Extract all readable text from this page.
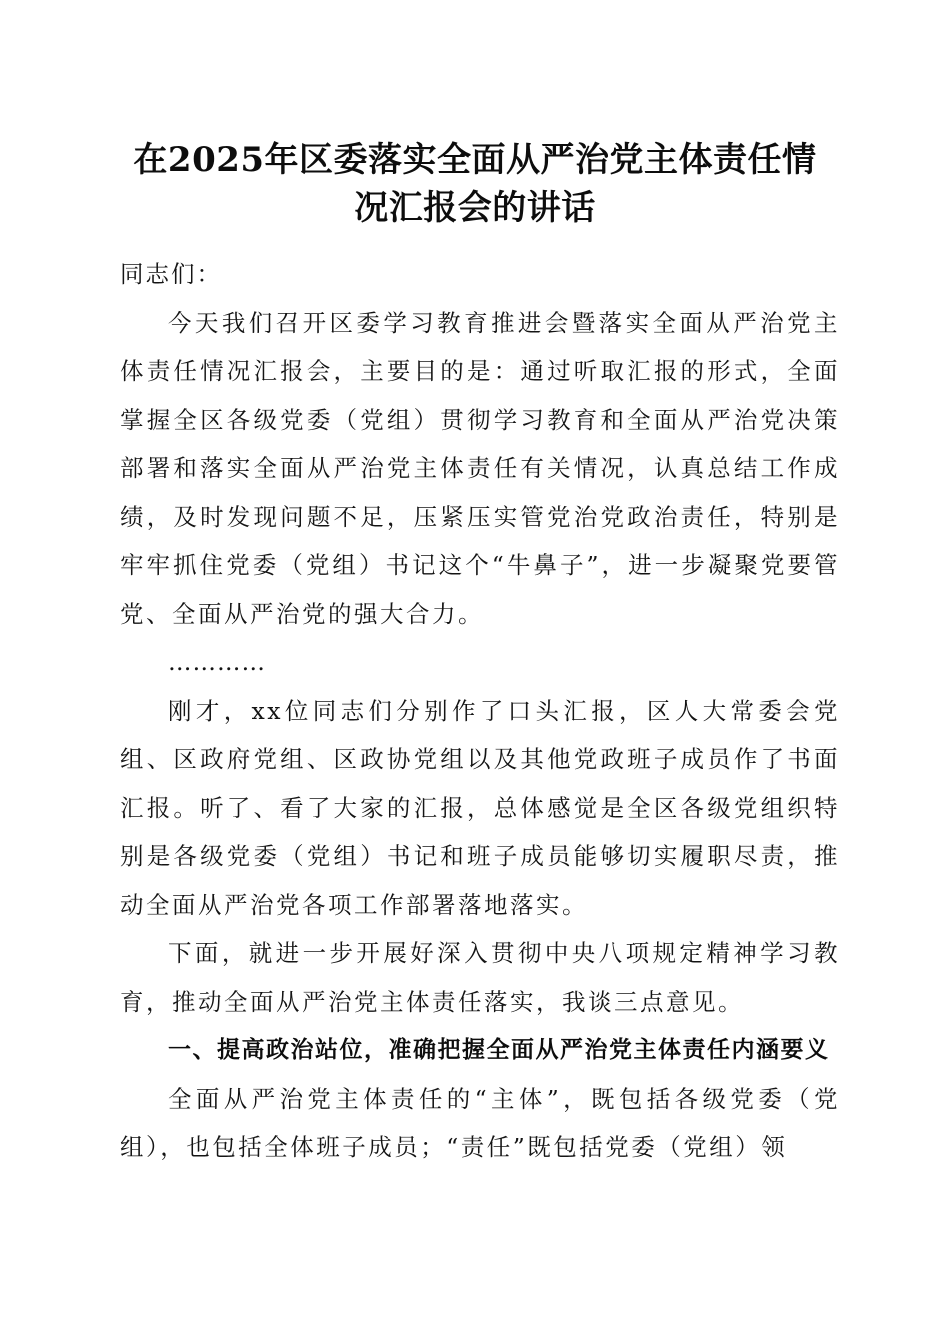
在2025年区委落实全面从严治党主体责任情
况汇报会的讲话

同志们：

今天我们召开区委学习教育推进会暨落实全面从严治党主体责任情况汇报会，主要目的是：通过听取汇报的形式，全面掌握全区各级党委（党组）贯彻学习教育和全面从严治党决策部署和落实全面从严治党主体责任有关情况，认真总结工作成绩，及时发现问题不足，压紧压实管党治党政治责任，特别是牢牢抓住党委（党组）书记这个“牛鼻子”，进一步凝聚党要管党、全面从严治党的强大合力。

…………

刚才，xx位同志们分别作了口头汇报，区人大常委会党组、区政府党组、区政协党组以及其他党政班子成员作了书面汇报。听了、看了大家的汇报，总体感觉是全区各级党组织特别是各级党委（党组）书记和班子成员能够切实履职尽责，推动全面从严治党各项工作部署落地落实。

下面，就进一步开展好深入贯彻中央八项规定精神学习教育，推动全面从严治党主体责任落实，我谈三点意见。

一、提高政治站位，准确把握全面从严治党主体责任内涵要义

全面从严治党主体责任的“主体”，既包括各级党委（党组），也包括全体班子成员；“责任”既包括党委（党组）领
